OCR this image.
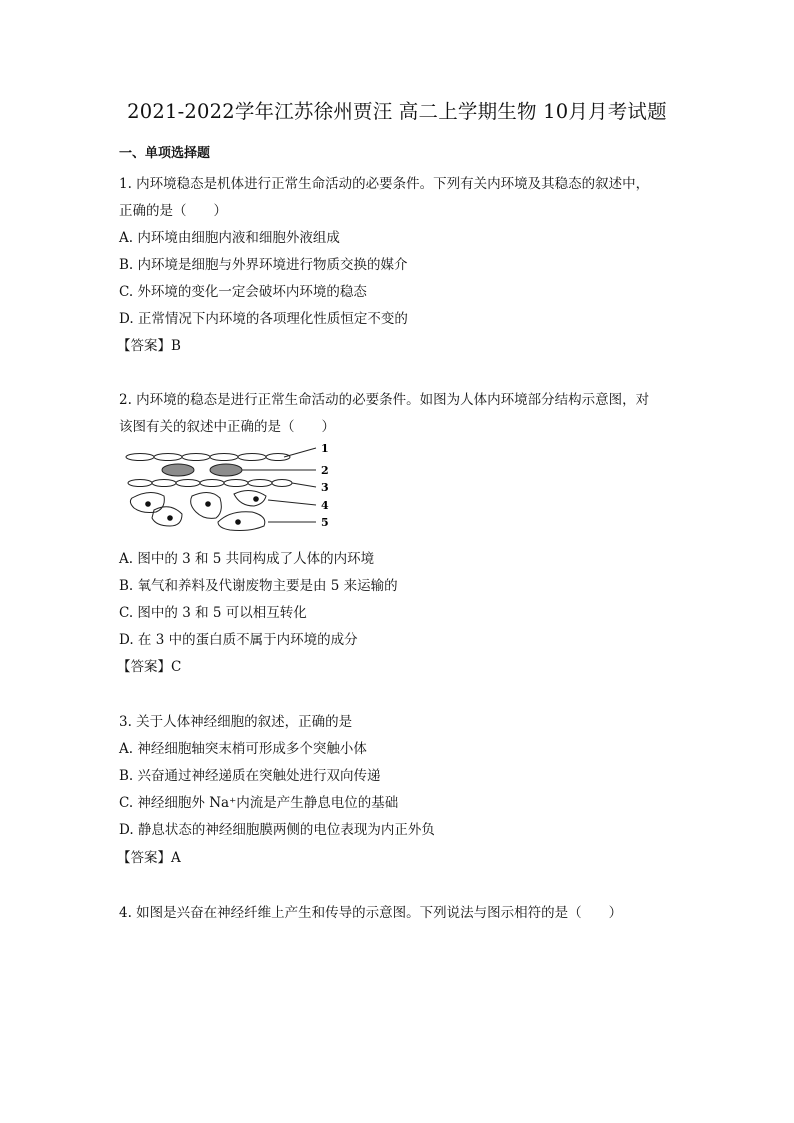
2021-2022学年江苏徐州贾汪 高二上学期生物 10月月考试题
一、单项选择题
1. 内环境稳态是机体进行正常生命活动的必要条件。下列有关内环境及其稳态的叙述中，
正确的是（　　）
A. 内环境由细胞内液和细胞外液组成
B. 内环境是细胞与外界环境进行物质交换的媒介
C. 外环境的变化一定会破坏内环境的稳态
D. 正常情况下内环境的各项理化性质恒定不变的
【答案】B
2. 内环境的稳态是进行正常生命活动的必要条件。如图为人体内环境部分结构示意图，对
该图有关的叙述中正确的是（　　）
1
2
3
4
5
A. 图中的 3 和 5 共同构成了人体的内环境
B. 氧气和养料及代谢废物主要是由 5 来运输的
C. 图中的 3 和 5 可以相互转化
D. 在 3 中的蛋白质不属于内环境的成分
【答案】C
3. 关于人体神经细胞的叙述，正确的是
A. 神经细胞轴突末梢可形成多个突触小体
B. 兴奋通过神经递质在突触处进行双向传递
C. 神经细胞外 Na⁺内流是产生静息电位的基础
D. 静息状态的神经细胞膜两侧的电位表现为内正外负
【答案】A
4. 如图是兴奋在神经纤维上产生和传导的示意图。下列说法与图示相符的是（　　）
